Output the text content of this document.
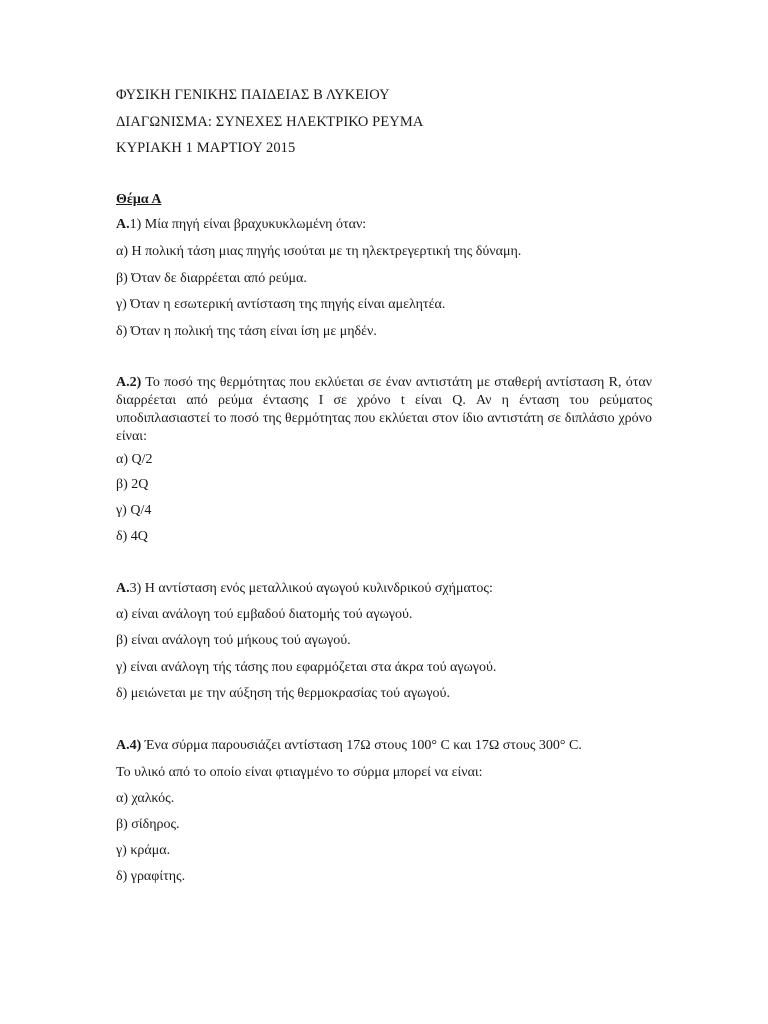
ΦΥΣΙΚΗ ΓΕΝΙΚΗΣ ΠΑΙΔΕΙΑΣ Β ΛΥΚΕΙΟΥ
ΔΙΑΓΩΝΙΣΜΑ: ΣΥΝΕΧΕΣ ΗΛΕΚΤΡΙΚΟ ΡΕΥΜΑ
ΚΥΡΙΑΚΗ 1 ΜΑΡΤΙΟΥ 2015
Θέμα Α
Α.1) Μία πηγή είναι βραχυκυκλωμένη όταν:
α) Η πολική τάση μιας πηγής ισούται με τη ηλεκτρεγερτική της δύναμη.
β) Όταν δε διαρρέεται από ρεύμα.
γ) Όταν η εσωτερική αντίσταση της πηγής είναι αμελητέα.
δ) Όταν η πολική της τάση είναι ίση με μηδέν.
Α.2) Το ποσό της θερμότητας που εκλύεται σε έναν αντιστάτη με σταθερή αντίσταση R, όταν διαρρέεται από ρεύμα έντασης Ι σε χρόνο t είναι Q. Αν η ένταση του ρεύματος υποδιπλασιαστεί το ποσό της θερμότητας που εκλύεται στον ίδιο αντιστάτη σε διπλάσιο χρόνο είναι:
α) Q/2
β) 2Q
γ) Q/4
δ) 4Q
Α.3) Η αντίσταση ενός μεταλλικού αγωγού κυλινδρικού σχήματος:
α) είναι ανάλογη τού εμβαδού διατομής τού αγωγού.
β) είναι ανάλογη τού μήκους τού αγωγού.
γ) είναι ανάλογη τής τάσης που εφαρμόζεται στα άκρα τού αγωγού.
δ) μειώνεται με την αύξηση τής θερμοκρασίας τού αγωγού.
Α.4) Ένα σύρμα παρουσιάζει αντίσταση 17Ω στους 100° C και 17Ω στους 300° C.
Το υλικό από το οποίο είναι φτιαγμένο το σύρμα μπορεί να είναι:
α) χαλκός.
β) σίδηρος.
γ) κράμα.
δ) γραφίτης.
